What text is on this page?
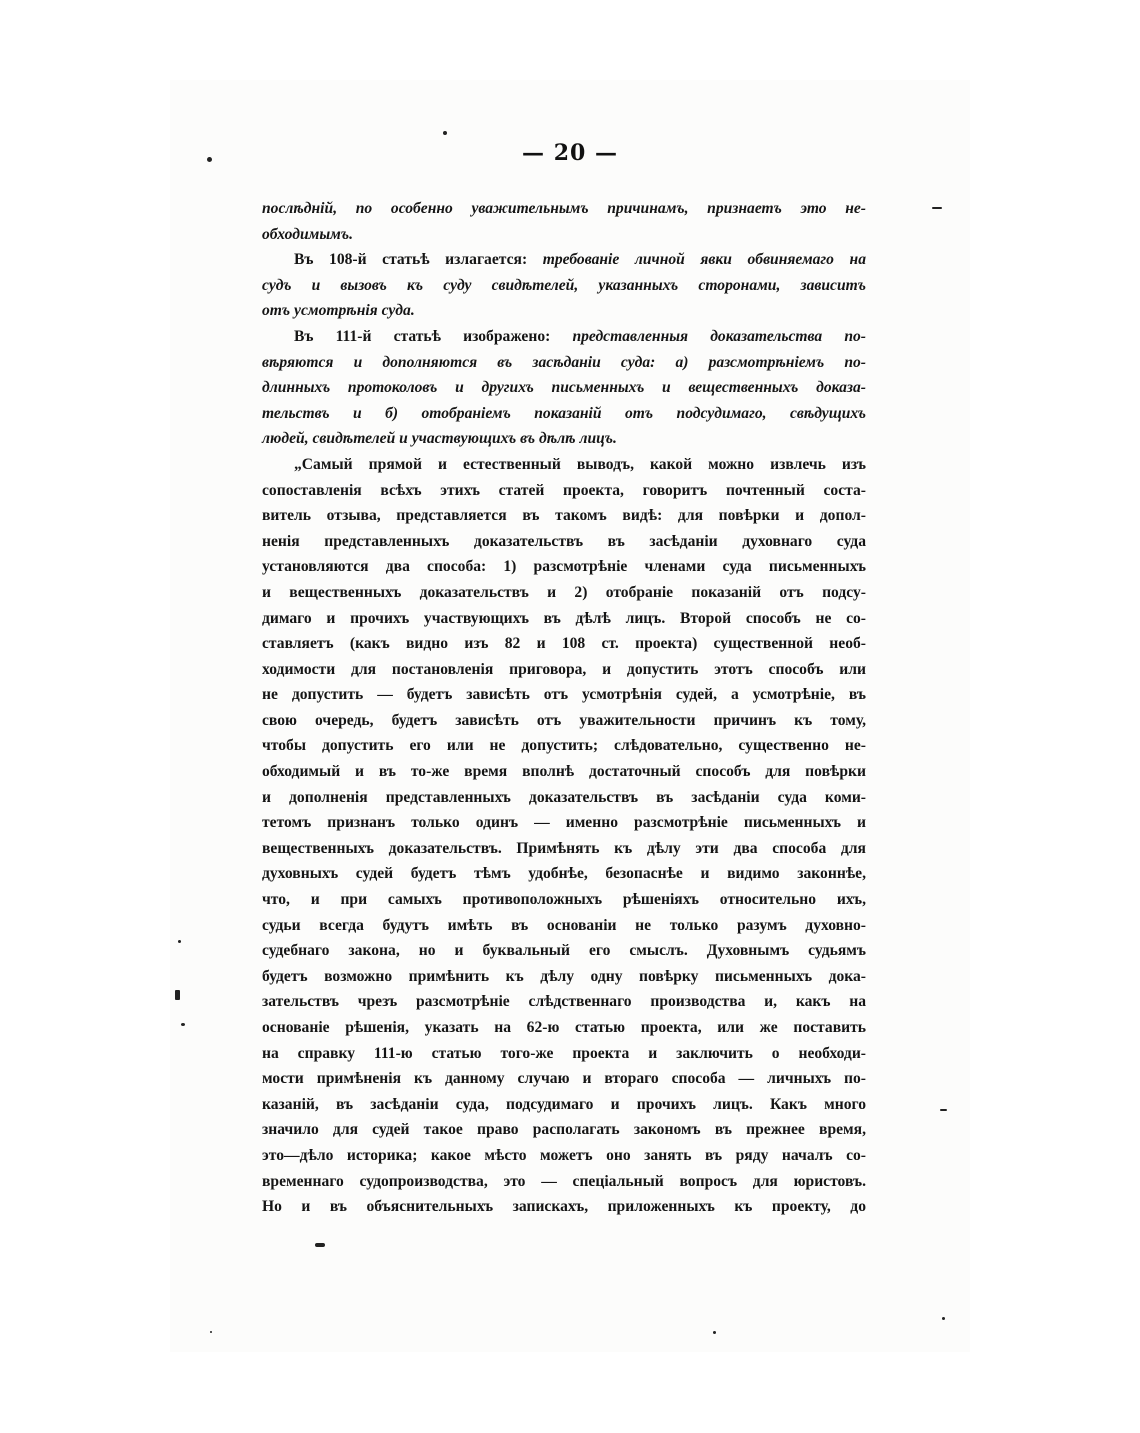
— 20 —

послѣдній, по особенно уважительнымъ причинамъ, признаетъ это не-
обходимымъ.

Въ 108-й статьѣ излагается: требованіе личной явки обвиняемаго на
судъ и вызовъ къ суду свидѣтелей, указанныхъ сторонами, зависитъ
отъ усмотрѣнія суда.

Въ 111-й статьѣ изображено: представленныя доказательства по-
вѣряются и дополняются въ засѣданіи суда: а) разсмотрѣніемъ по-
длинныхъ протоколовъ и другихъ письменныхъ и вещественныхъ доказа-
тельствъ и б) отобраніемъ показаній отъ подсудимаго, свѣдущихъ
людей, свидѣтелей и участвующихъ въ дѣлѣ лицъ.

„Самый прямой и естественный выводъ, какой можно извлечь изъ
сопоставленія всѣхъ этихъ статей проекта, говоритъ почтенный соста-
витель отзыва, представляется въ такомъ видѣ: для повѣрки и допол-
ненія представленныхъ доказательствъ въ засѣданіи духовнаго суда
установляются два способа: 1) разсмотрѣніе членами суда письменныхъ
и вещественныхъ доказательствъ и 2) отобраніе показаній отъ подсу-
димаго и прочихъ участвующихъ въ дѣлѣ лицъ. Второй способъ не со-
ставляетъ (какъ видно изъ 82 и 108 ст. проекта) существенной необ-
ходимости для постановленія приговора, и допустить этотъ способъ или
не допустить — будетъ зависѣть отъ усмотрѣнія судей, а усмотрѣніе, въ
свою очередь, будетъ зависѣть отъ уважительности причинъ къ тому,
чтобы допустить его или не допустить; слѣдовательно, существенно не-
обходимый и въ то-же время вполнѣ достаточный способъ для повѣрки
и дополненія представленныхъ доказательствъ въ засѣданіи суда коми-
тетомъ признанъ только одинъ — именно разсмотрѣніе письменныхъ и
вещественныхъ доказательствъ. Примѣнять къ дѣлу эти два способа для
духовныхъ судей будетъ тѣмъ удобнѣе, безопаснѣе и видимо законнѣе,
что, и при самыхъ противоположныхъ рѣшеніяхъ относительно ихъ,
судьи всегда будутъ имѣть въ основаніи не только разумъ духовно-
судебнаго закона, но и буквальный его смыслъ. Духовнымъ судьямъ
будетъ возможно примѣнить къ дѣлу одну повѣрку письменныхъ дока-
зательствъ чрезъ разсмотрѣніе слѣдственнаго производства и, какъ на
основаніе рѣшенія, указать на 62-ю статью проекта, или же поставить
на справку 111-ю статью того-же проекта и заключить о необходи-
мости примѣненія къ данному случаю и втораго способа — личныхъ по-
казаній, въ засѣданіи суда, подсудимаго и прочихъ лицъ. Какъ много
значило для судей такое право располагать закономъ въ прежнее время,
это—дѣло историка; какое мѣсто можетъ оно занять въ ряду началъ со-
временнаго судопроизводства, это — спеціальный вопросъ для юристовъ.
Но и въ объяснительныхъ запискахъ, приложенныхъ къ проекту, до
